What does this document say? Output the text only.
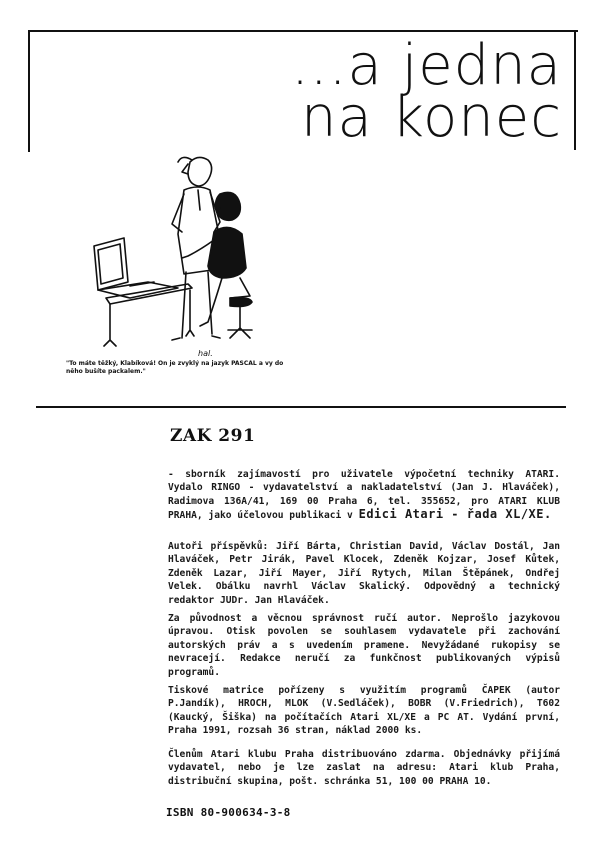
...a jedna
na konec
hal.
"To máte těžký, Klabíková! On je zvyklý na jazyk PASCAL a vy do něho bušíte packalem."
ZAK 291

- sborník zajímavostí pro uživatele výpočetní techniky ATARI. Vydalo RINGO - vydavatelství a nakladatelství (Jan J. Hlaváček), Radimova 136A/41, 169 00 Praha 6, tel. 355652, pro ATARI KLUB PRAHA, jako účelovou publikaci v Edici Atari - řada XL/XE.

Autoři příspěvků: Jiří Bárta, Christian David, Václav Dostál, Jan Hlaváček, Petr Jirák, Pavel Klocek, Zdeněk Kojzar, Josef Kůtek, Zdeněk Lazar, Jiří Mayer, Jiří Rytych, Milan Štěpánek, Ondřej Velek. Obálku navrhl Václav Skalický. Odpovědný a technický redaktor JUDr. Jan Hlaváček.

Za původnost a věcnou správnost ručí autor. Neprošlo jazykovou úpravou. Otisk povolen se souhlasem vydavatele při zachování autorských práv a s uvedením pramene. Nevyžádané rukopisy se nevracejí. Redakce neručí za funkčnost publikovaných výpisů programů.

Tiskové matrice pořízeny s využitím programů ČAPEK (autor P.Jandík), HROCH, MLOK (V.Sedláček), BOBR (V.Friedrich), T602 (Kaucký, Šiška) na počítačích Atari XL/XE a PC AT. Vydání první, Praha 1991, rozsah 36 stran, náklad 2000 ks.

Členům Atari klubu Praha distribuováno zdarma. Objednávky přijímá vydavatel, nebo je lze zaslat na adresu: Atari klub Praha, distribuční skupina, pošt. schránka 51, 100 00 PRAHA 10.

ISBN 80-900634-3-8
